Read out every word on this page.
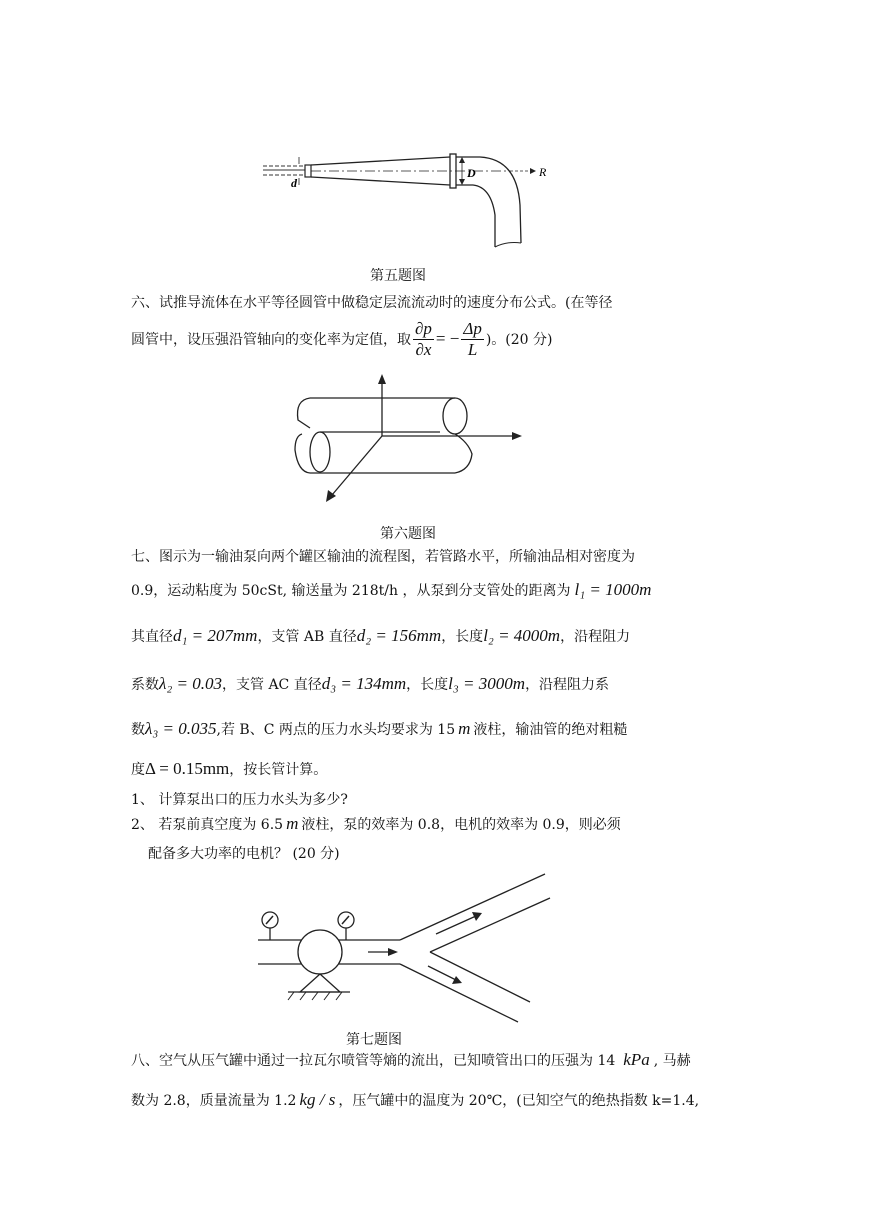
d
D	R
第五题图
六、试推导流体在水平等径圆管中做稳定层流流动时的速度分布公式。(在等径
圆管中，设压强沿管轴向的变化率为定值，取 $\frac{\partial p}{\partial x}$ = − $\frac{\Delta p}{L}$ )。(20 分)
第六题图
七、图示为一输油泵向两个罐区输油的流程图，若管路水平，所输油品相对密度为
0.9，运动粘度为 50cSt, 输送量为 218t/h ，从泵到分支管处的距离为 l₁ = 1000m
其直径 d₁ = 207mm ，支管 AB 直径 d₂ = 156mm ，长度 l₂ = 4000m ，沿程阻力
系数 λ₂ = 0.03 ，支管 AC 直径 d₃ = 134mm ，长度 l₃ = 3000m ，沿程阻力系
数 λ₃ = 0.035 ,若 B、C 两点的压力水头均要求为 15 m 液柱，输油管的绝对粗糙
度 Δ = 0.15mm ，按长管计算。
1、 计算泵出口的压力水头为多少?
2、 若泵前真空度为 6.5 m 液柱，泵的效率为 0.8，电机的效率为 0.9，则必须
配备多大功率的电机？ (20 分)
第七题图
八、空气从压气罐中通过一拉瓦尔喷管等熵的流出，已知喷管出口的压强为 14 kPa , 马赫
数为 2.8，质量流量为 1.2 kg / s ，压气罐中的温度为 20℃，(已知空气的绝热指数 k=1.4,
